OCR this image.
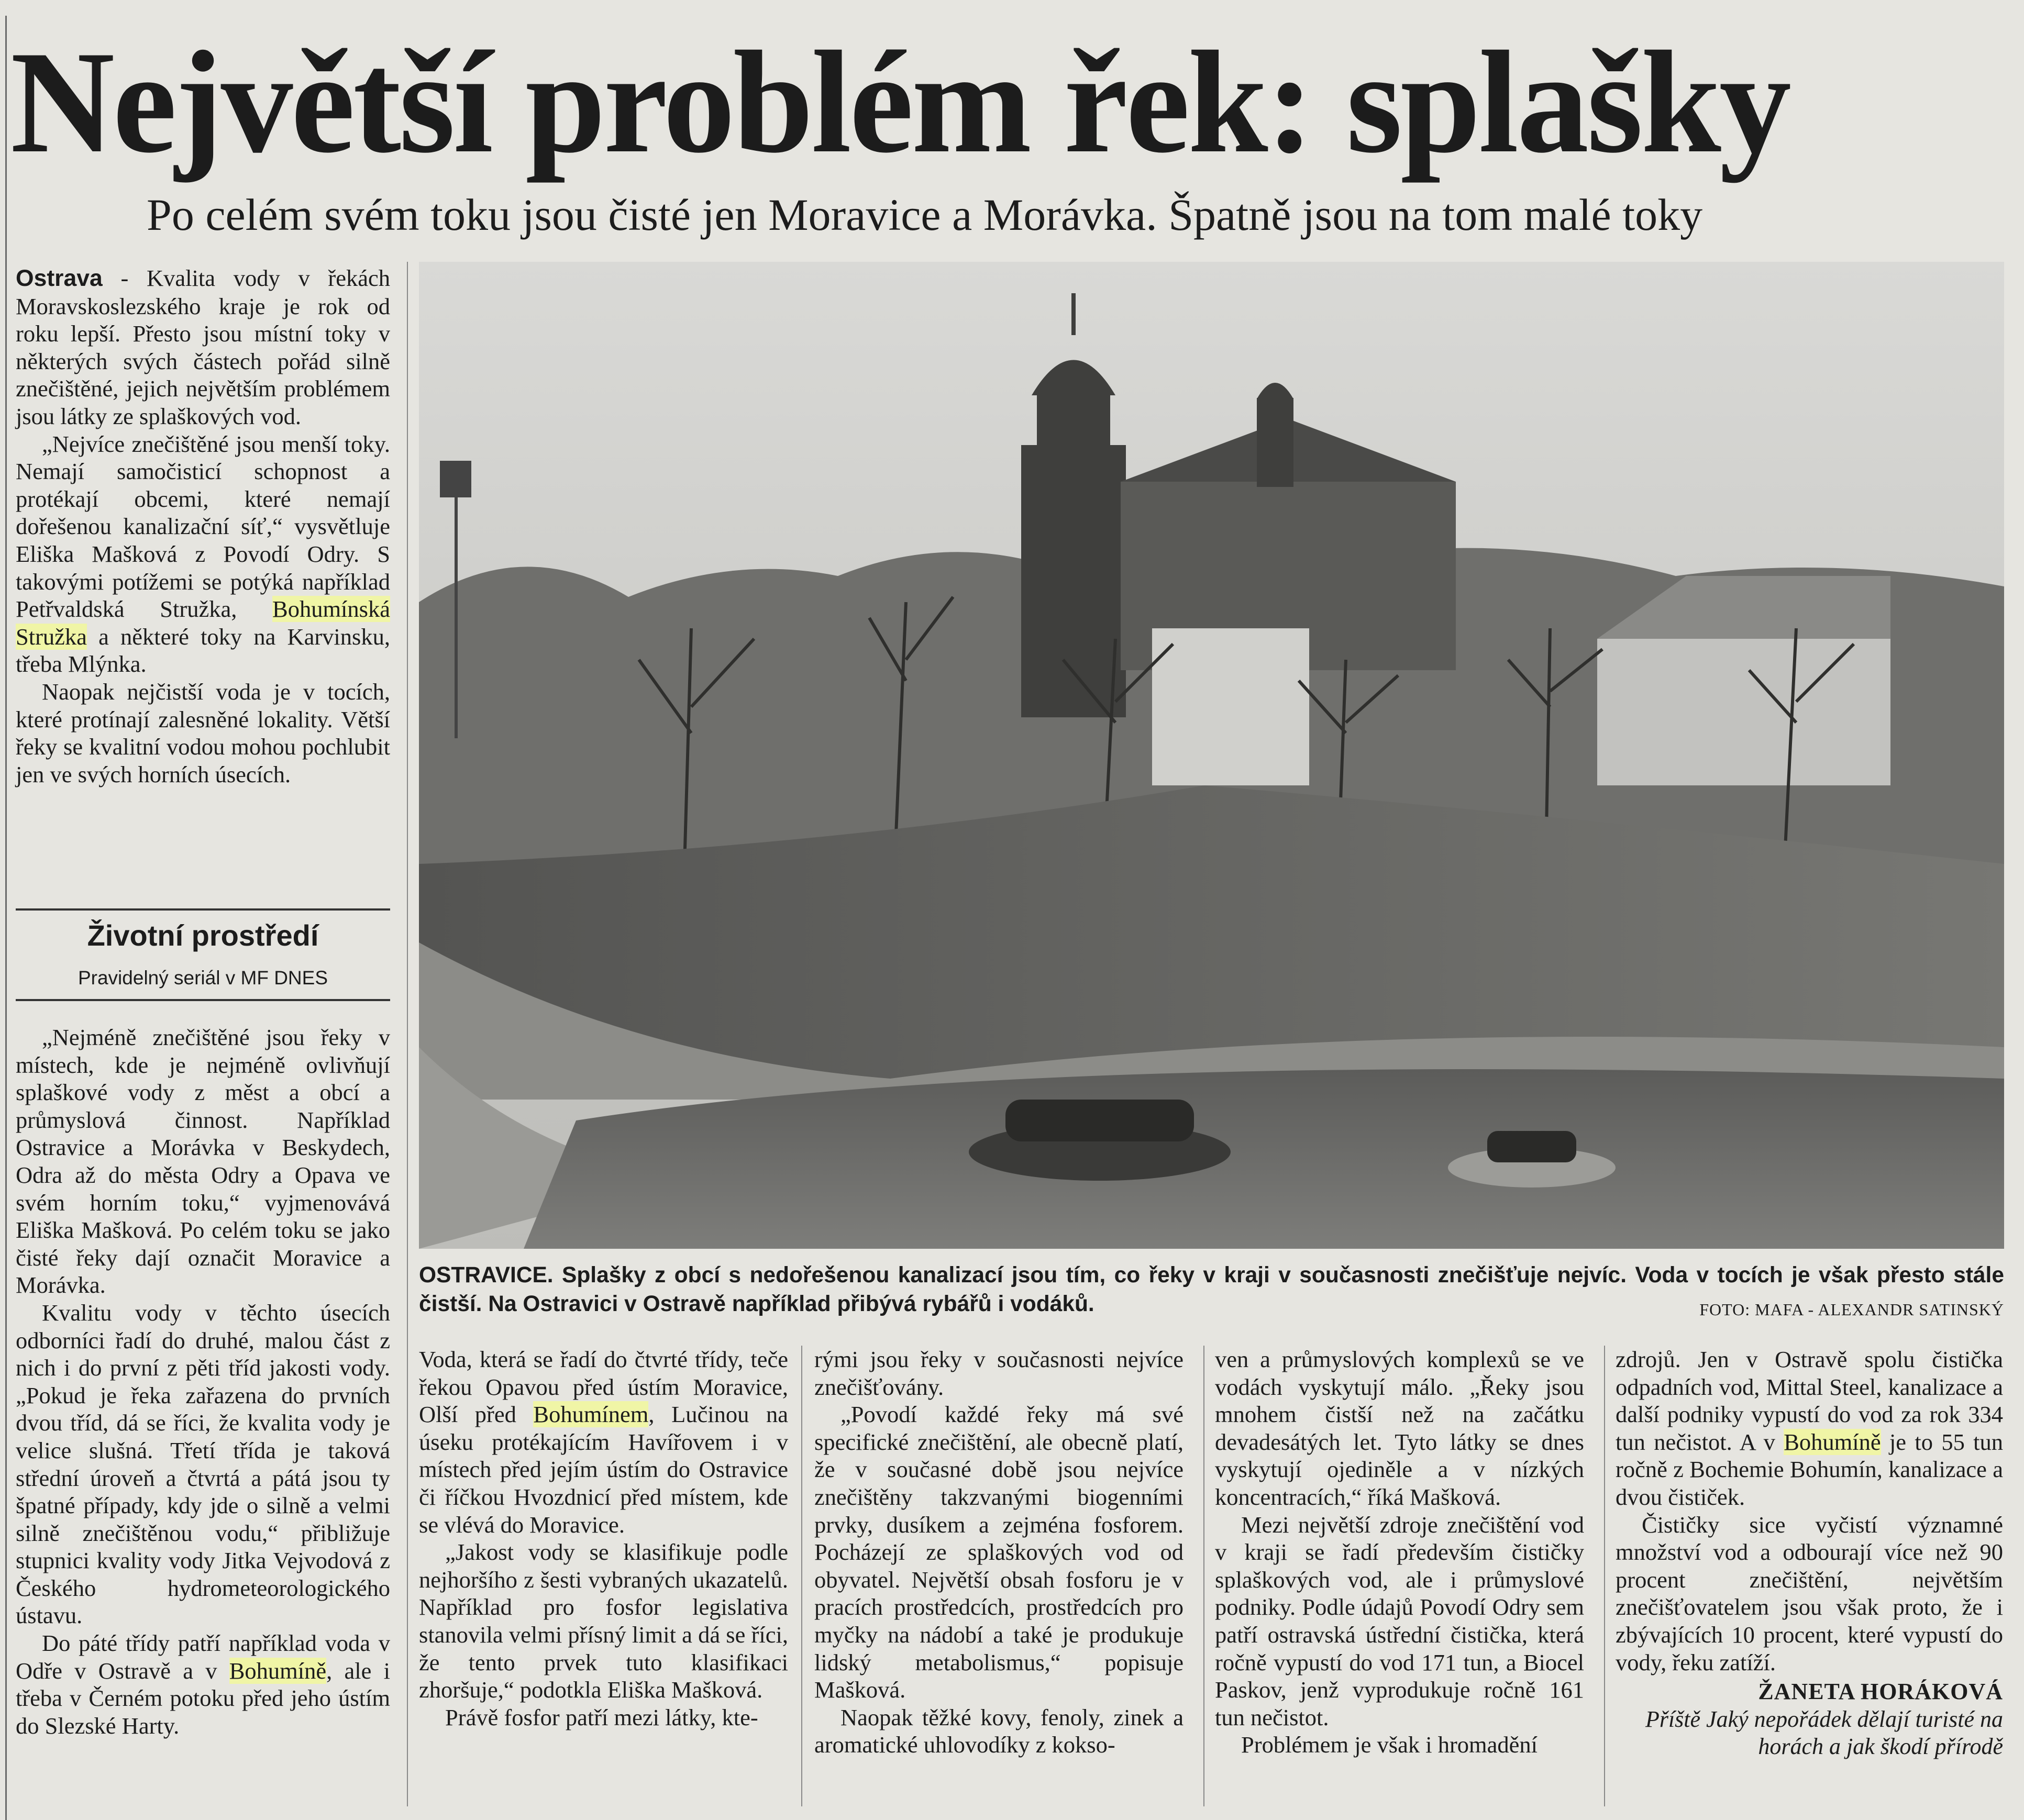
Největší problém řek: splašky
Po celém svém toku jsou čisté jen Moravice a Morávka. Špatně jsou na tom malé toky

Ostrava - Kvalita vody v řekách Moravskoslezského kraje je rok od roku lepší. Přesto jsou místní toky v některých svých částech pořád silně znečištěné, jejich největším problémem jsou látky ze splaškových vod.

„Nejvíce znečištěné jsou menší toky. Nemají samočisticí schopnost a protékají obcemi, které nemají dořešenou kanalizační síť,“ vysvětluje Eliška Mašková z Povodí Odry. S takovými potížemi se potýká například Petřvaldská Stružka, Bohumínská Stružka a některé toky na Karvinsku, třeba Mlýnka.

Naopak nejčistší voda je v tocích, které protínají zalesněné lokality. Větší řeky se kvalitní vodou mohou pochlubit jen ve svých horních úsecích.

Životní prostředí
Pravidelný seriál v MF DNES

„Nejméně znečištěné jsou řeky v místech, kde je nejméně ovlivňují splaškové vody z měst a obcí a průmyslová činnost. Například Ostravice a Morávka v Beskydech, Odra až do města Odry a Opava ve svém horním toku,“ vyjmenovává Eliška Mašková. Po celém toku se jako čisté řeky dají označit Moravice a Morávka.

Kvalitu vody v těchto úsecích odborníci řadí do druhé, malou část z nich i do první z pěti tříd jakosti vody. „Pokud je řeka zařazena do prvních dvou tříd, dá se říci, že kvalita vody je velice slušná. Třetí třída je taková střední úroveň a čtvrtá a pátá jsou ty špatné případy, kdy jde o silně a velmi silně znečištěnou vodu,“ přibližuje stupnici kvality vody Jitka Vejvodová z Českého hydrometeorologického ústavu.

Do páté třídy patří například voda v Odře v Ostravě a v Bohumíně, ale i třeba v Černém potoku před jeho ústím do Slezské Harty.

OSTRAVICE. Splašky z obcí s nedořešenou kanalizací jsou tím, co řeky v kraji v současnosti znečišťuje nejvíc. Voda v tocích je však přesto stále čistší. Na Ostravici v Ostravě například přibývá rybářů i vodáků.	FOTO: MAFA - ALEXANDR SATINSKÝ

Voda, která se řadí do čtvrté třídy, teče řekou Opavou před ústím Moravice, Olší před Bohumínem, Lučinou na úseku protékajícím Havířovem i v místech před jejím ústím do Ostravice či říčkou Hvozdnicí před místem, kde se vlévá do Moravice.

„Jakost vody se klasifikuje podle nejhoršího z šesti vybraných ukazatelů. Například pro fosfor legislativa stanovila velmi přísný limit a dá se říci, že tento prvek tuto klasifikaci zhoršuje,“ podotkla Eliška Mašková.

Právě fosfor patří mezi látky, kte-

rými jsou řeky v současnosti nejvíce znečišťovány.

„Povodí každé řeky má své specifické znečištění, ale obecně platí, že v současné době jsou nejvíce znečištěny takzvanými biogenními prvky, dusíkem a zejména fosforem. Pocházejí ze splaškových vod od obyvatel. Největší obsah fosforu je v pracích prostředcích, prostředcích pro myčky na nádobí a také je produkuje lidský metabolismus,“ popisuje Mašková.

Naopak těžké kovy, fenoly, zinek a aromatické uhlovodíky z kokso-

ven a průmyslových komplexů se ve vodách vyskytují málo. „Řeky jsou mnohem čistší než na začátku devadesátých let. Tyto látky se dnes vyskytují ojediněle a v nízkých koncentracích,“ říká Mašková.

Mezi největší zdroje znečištění vod v kraji se řadí především čističky splaškových vod, ale i průmyslové podniky. Podle údajů Povodí Odry sem patří ostravská ústřední čistička, která ročně vypustí do vod 171 tun, a Biocel Paskov, jenž vyprodukuje ročně 161 tun nečistot.

Problémem je však i hromadění

zdrojů. Jen v Ostravě spolu čistička odpadních vod, Mittal Steel, kanalizace a další podniky vypustí do vod za rok 334 tun nečistot. A v Bohumíně je to 55 tun ročně z Bochemie Bohumín, kanalizace a dvou čističek.

Čističky sice vyčistí významné množství vod a odbourají více než 90 procent znečištění, největším znečišťovatelem jsou však proto, že i zbývajících 10 procent, které vypustí do vody, řeku zatíží.

ŽANETA HORÁKOVÁ
Příště Jaký nepořádek dělají turisté na horách a jak škodí přírodě
